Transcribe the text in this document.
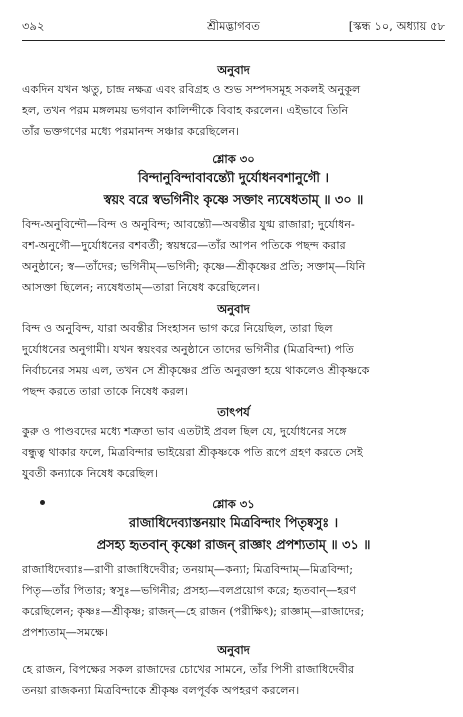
৩৯২	শ্রীমদ্ভাগবত	[স্কন্ধ ১০, অধ্যায় ৫৮
অনুবাদ
একদিন যখন ঋতু, চান্দ্র নক্ষত্র এবং রবিগ্রহ ও শুভ সম্পদসমূহ সকলই অনুকূল
হল, তখন পরম মঙ্গলময় ভগবান কালিন্দীকে বিবাহ করলেন। এইভাবে তিনি
তাঁর ভক্তগণের মধ্যে পরমানন্দ সঞ্চার করেছিলেন।
শ্লোক ৩০
বিন্দানুবিন্দাবাবন্ত্যৌ দুর্যোধনবশানুগৌ ।
স্বয়ং বরে স্বভগিনীং কৃষ্ণে সক্তাং ন্যষেধতাম্ ॥ ৩০ ॥
বিন্দ-অনুবিন্দৌ—বিন্দ ও অনুবিন্দ; আবন্ত্যৌ—অবন্তীর যুগ্ম রাজারা; দুর্যোধন-
বশ-অনুগৌ—দুর্যোধনের বশবর্তী; স্বয়ম্বরে—তাঁর আপন পতিকে পছন্দ করার
অনুষ্ঠানে; স্ব—তাঁদের; ভগিনীম্—ভগিনী; কৃষ্ণে—শ্রীকৃষ্ণের প্রতি; সক্তাম্—যিনি
আসক্তা ছিলেন; ন্যষেধতাম্—তারা নিষেধ করেছিলেন।
অনুবাদ
বিন্দ ও অনুবিন্দ, যারা অবন্তীর সিংহাসন ভাগ করে নিয়েছিল, তারা ছিল
দুর্যোধনের অনুগামী। যখন স্বয়ংবর অনুষ্ঠানে তাদের ভগিনীর (মিত্রবিন্দা) পতি
নির্বাচনের সময় এল, তখন সে শ্রীকৃষ্ণের প্রতি অনুরক্তা হয়ে থাকলেও শ্রীকৃষ্ণকে
পছন্দ করতে তারা তাকে নিষেধ করল।
তাৎপর্য
কুরু ও পাণ্ডবদের মধ্যে শত্রুতা ভাব এতটাই প্রবল ছিল যে, দুর্যোধনের সঙ্গে
বন্ধুত্ব থাকার ফলে, মিত্রবিন্দার ভাইয়েরা শ্রীকৃষ্ণকে পতি রূপে গ্রহণ করতে সেই
যুবতী কন্যাকে নিষেধ করেছিল।
শ্লোক ৩১
রাজাধিদেব্যাস্তনয়াং মিত্রবিন্দাং পিতৃষ্বসুঃ ।
প্রসহ্য হৃতবান্ কৃষ্ণো রাজন্ রাজ্ঞাং প্রপশ্যতাম্ ॥ ৩১ ॥
রাজাধিদেব্যাঃ—রাণী রাজাধিদেবীর; তনয়াম্—কন্যা; মিত্রবিন্দাম্—মিত্রবিন্দা;
পিতৃ—তাঁর পিতার; স্বসুঃ—ভগিনীর; প্রসহ্য—বলপ্রয়োগ করে; হৃতবান্—হরণ
করেছিলেন; কৃষ্ণঃ—শ্রীকৃষ্ণ; রাজন্—হে রাজন (পরীক্ষিৎ); রাজ্ঞাম্—রাজাদের;
প্রপশ্যতাম্—সমক্ষে।
অনুবাদ
হে রাজন, বিপক্ষের সকল রাজাদের চোখের সামনে, তাঁর পিসী রাজাধিদেবীর
তনয়া রাজকন্যা মিত্রবিন্দাকে শ্রীকৃষ্ণ বলপূর্বক অপহরণ করলেন।
